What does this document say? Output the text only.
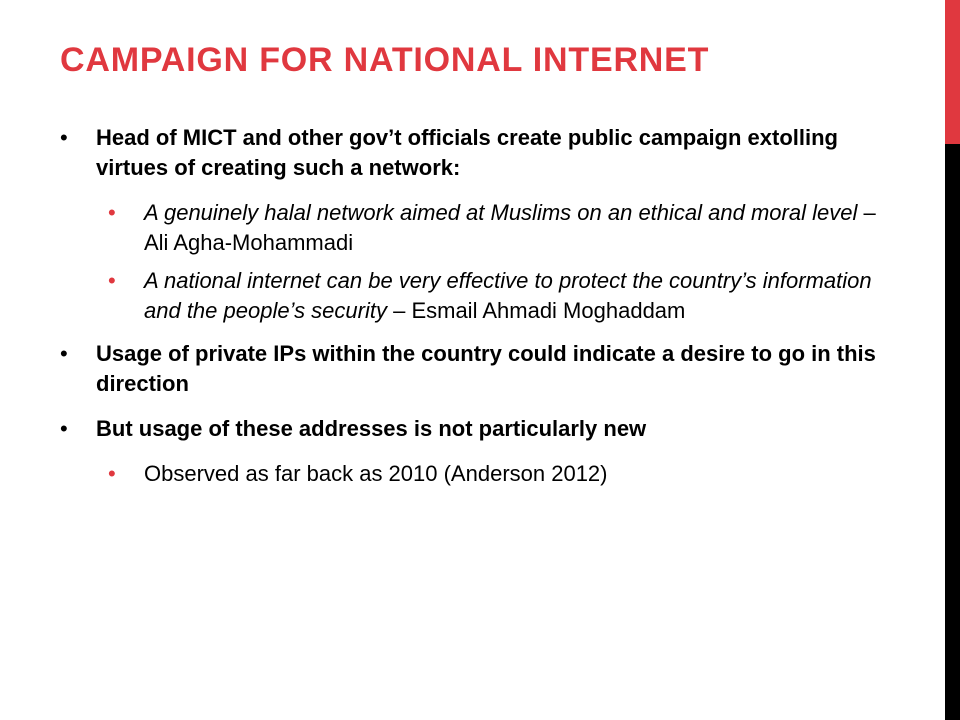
CAMPAIGN FOR NATIONAL INTERNET
• Head of MICT and other gov’t officials create public campaign extolling virtues of creating such a network:
• A genuinely halal network aimed at Muslims on an ethical and moral level – Ali Agha-Mohammadi
• A national internet can be very effective to protect the country’s information and the people’s security – Esmail Ahmadi Moghaddam
• Usage of private IPs within the country could indicate a desire to go in this direction
• But usage of these addresses is not particularly new
• Observed as far back as 2010 (Anderson 2012)
